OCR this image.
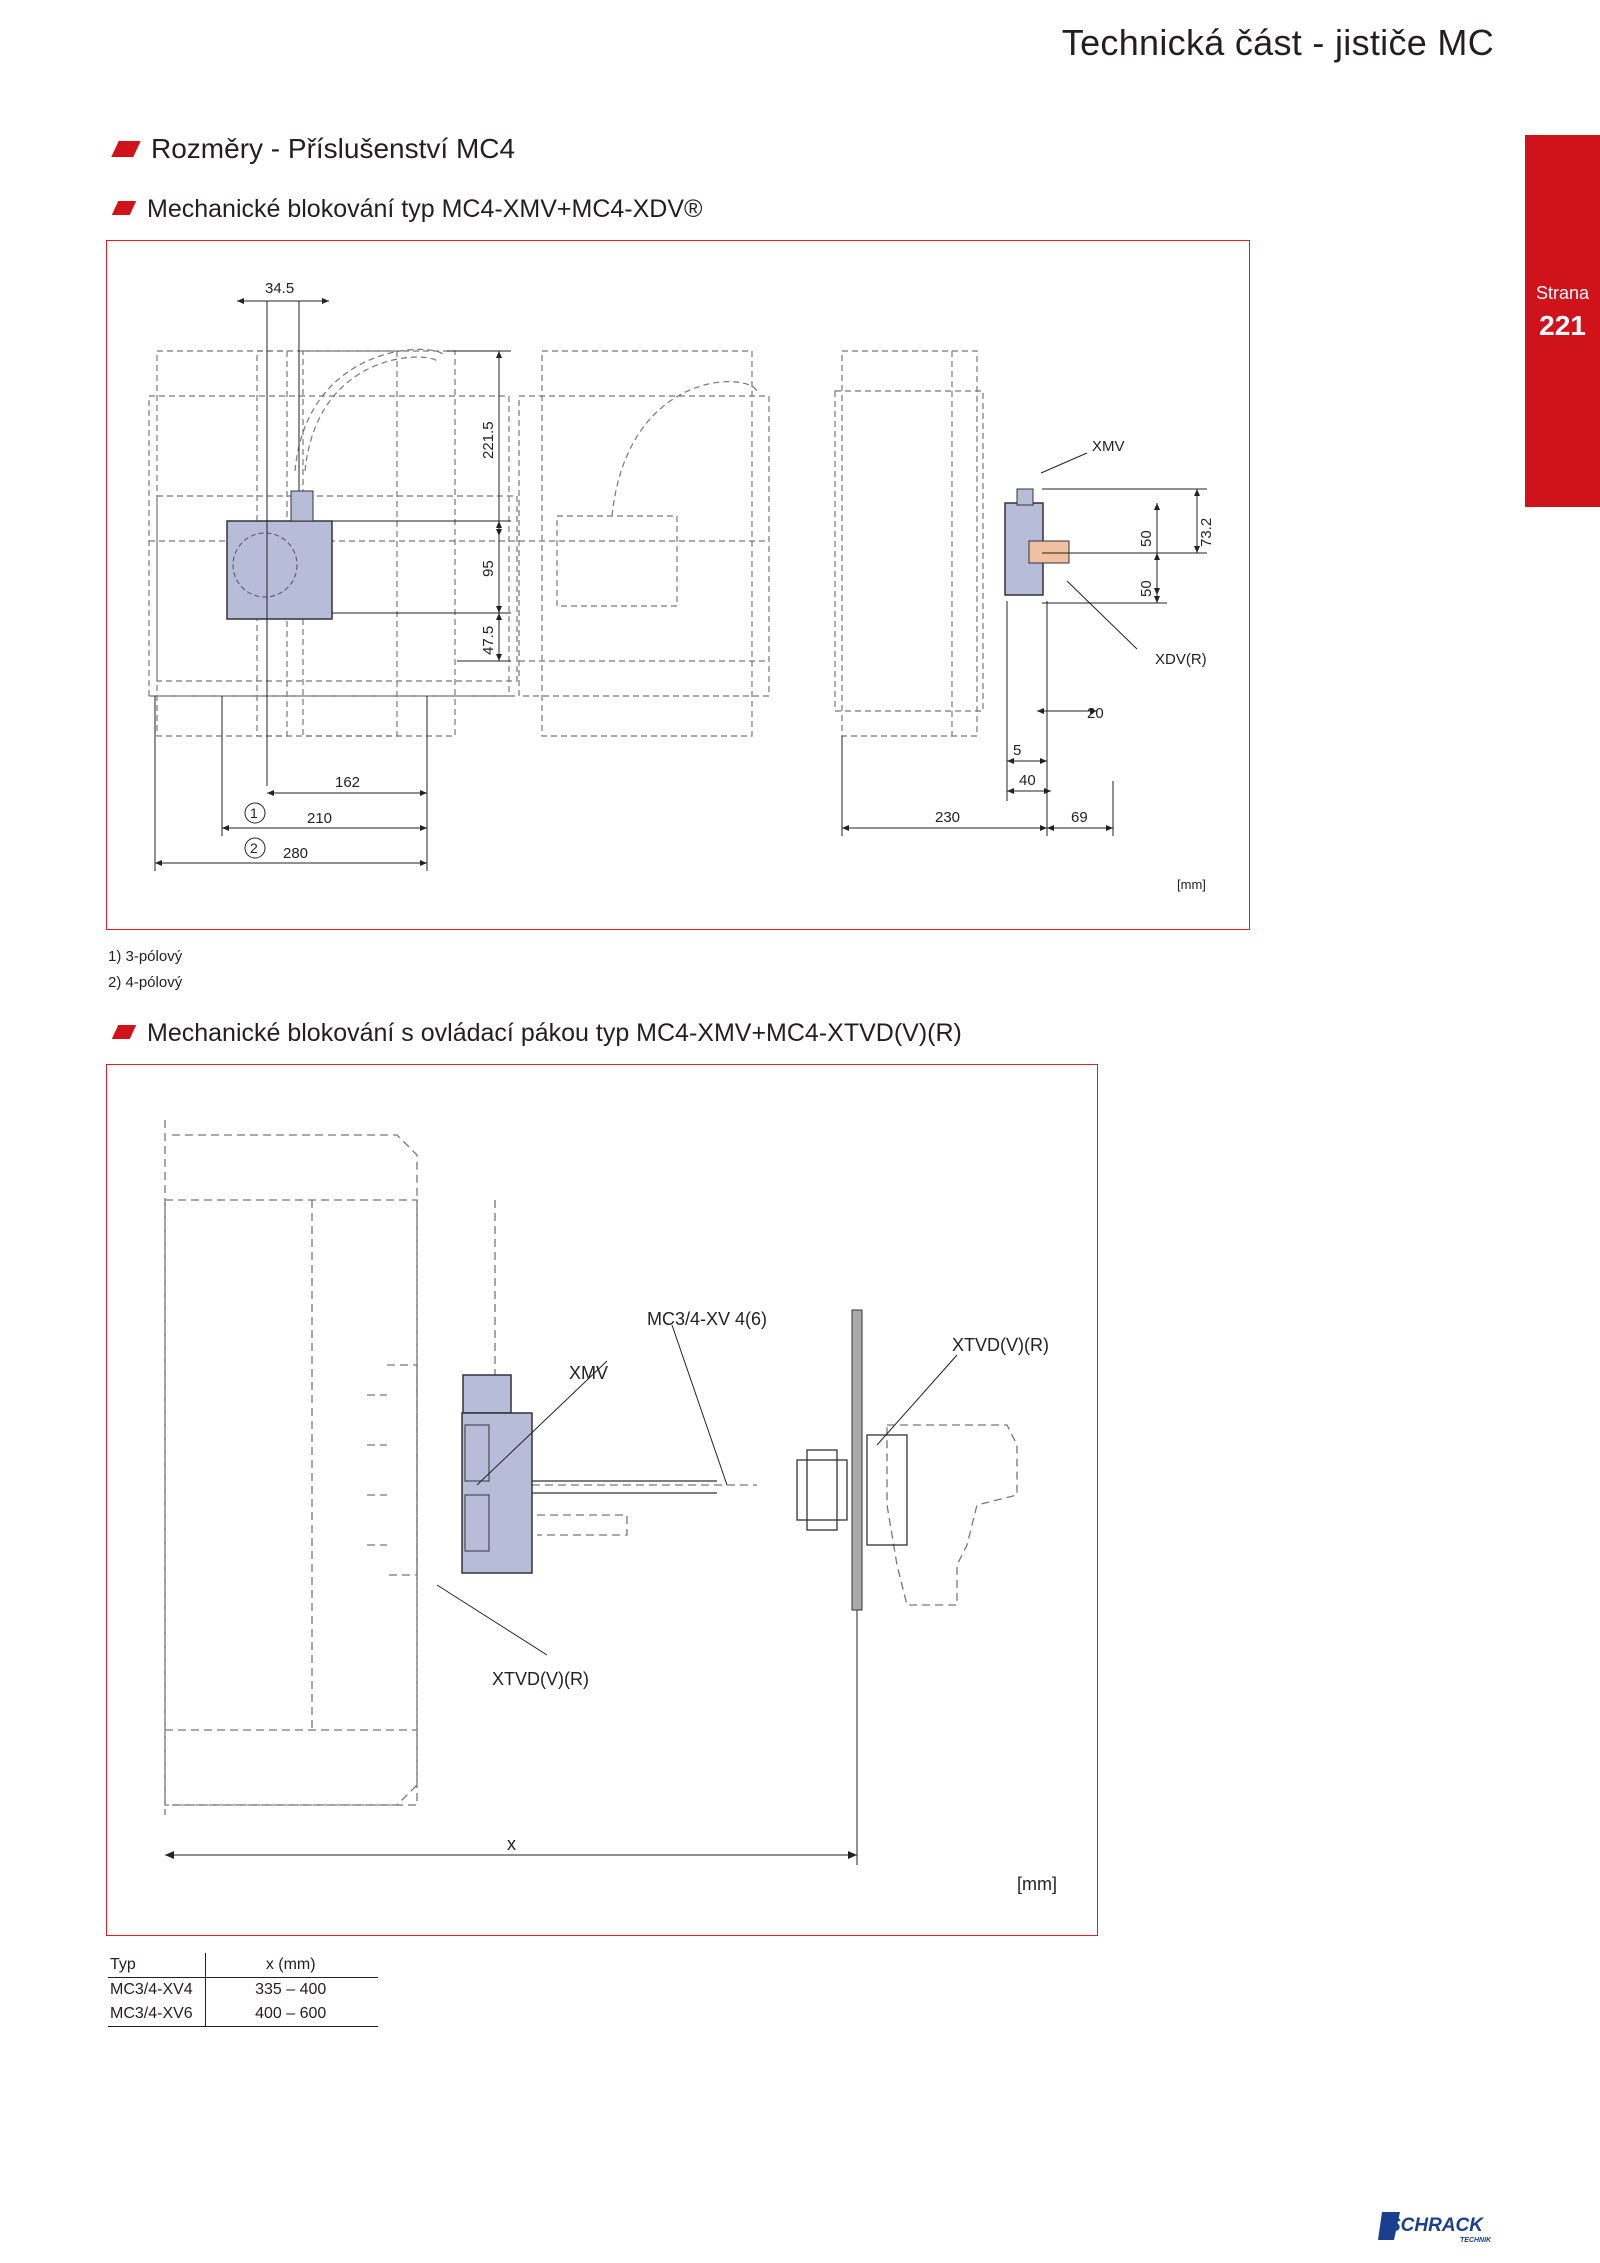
Technická část - jističe MC
Strana
221
Rozměry - Příslušenství MC4
Mechanické blokování typ MC4-XMV+MC4-XDV®
34.5
221.5
95
47.5
162
1	210
2 280
XMV
73.2
50
50
XDV(R)
20
5
40
230	69
[mm]
1) 3-pólový
2) 4-pólový
Mechanické blokování s ovládací pákou typ MC4-XMV+MC4-XTVD(V)(R)
MC3/4-XV 4(6)
XTVD(V)(R)
XMV
XTVD(V)(R)
x
[mm]
Typ	x (mm)
MC3/4-XV4	335 – 400
MC3/4-XV6	400 – 600
SCHRACK
TECHNIK
